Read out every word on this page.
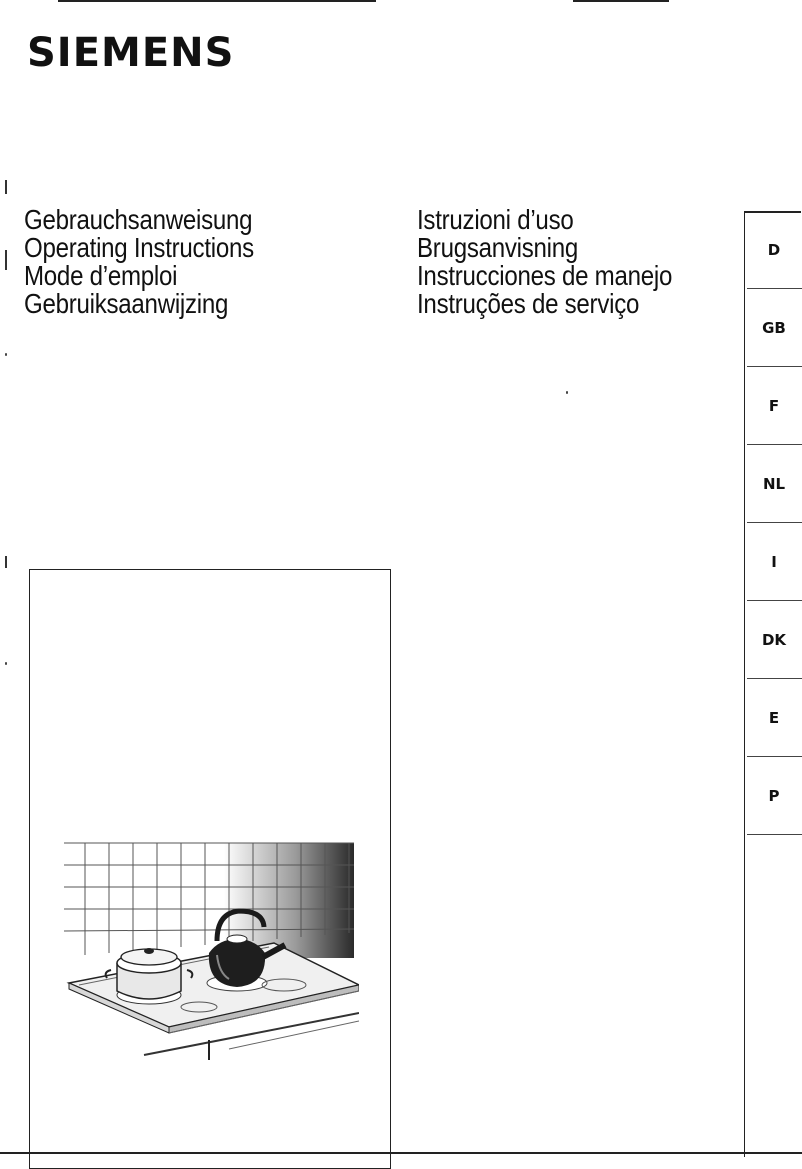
SIEMENS
Gebrauchsanweisung
Operating Instructions
Mode d’emploi
Gebruiksaanwijzing
Istruzioni d’uso
Brugsanvisning
Instrucciones de manejo
Instruções de serviço
D
GB
F
NL
I
DK
E
P
